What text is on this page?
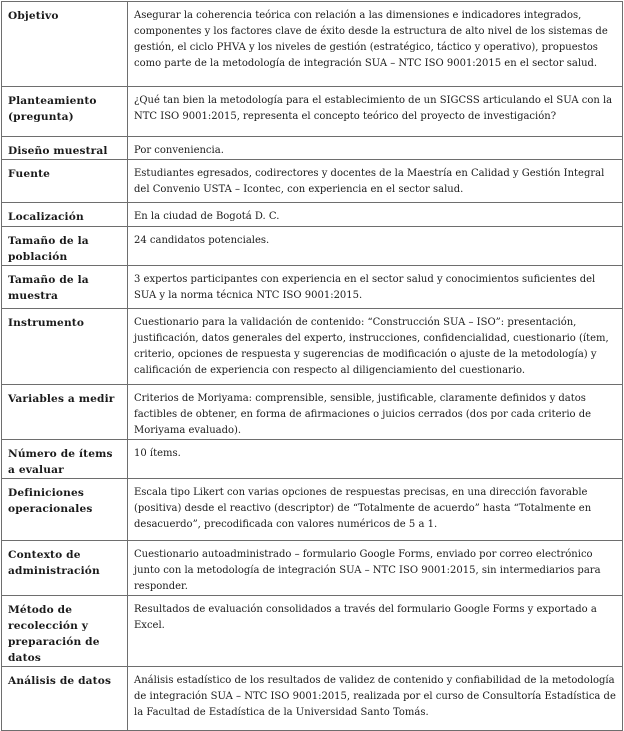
Objetivo	Asegurar la coherencia teórica con relación a las dimensiones e indicadores integrados, componentes y los factores clave de éxito desde la estructura de alto nivel de los sistemas de gestión, el ciclo PHVA y los niveles de gestión (estratégico, táctico y operativo), propuestos como parte de la metodología de integración SUA – NTC ISO 9001:2015 en el sector salud.

Planteamiento (pregunta)	¿Qué tan bien la metodología para el establecimiento de un SIGCSS articulando el SUA con la NTC ISO 9001:2015, representa el concepto teórico del proyecto de investigación?

Diseño muestral	Por conveniencia.

Fuente	Estudiantes egresados, codirectores y docentes de la Maestría en Calidad y Gestión Integral del Convenio USTA – Icontec, con experiencia en el sector salud.

Localización	En la ciudad de Bogotá D. C.

Tamaño de la población	24 candidatos potenciales.

Tamaño de la muestra	3 expertos participantes con experiencia en el sector salud y conocimientos suficientes del SUA y la norma técnica NTC ISO 9001:2015.

Instrumento	Cuestionario para la validación de contenido: “Construcción SUA – ISO”: presentación, justificación, datos generales del experto, instrucciones, confidencialidad, cuestionario (ítem, criterio, opciones de respuesta y sugerencias de modificación o ajuste de la metodología) y calificación de experiencia con respecto al diligenciamiento del cuestionario.

Variables a medir	Criterios de Moriyama: comprensible, sensible, justificable, claramente definidos y datos factibles de obtener, en forma de afirmaciones o juicios cerrados (dos por cada criterio de Moriyama evaluado).

Número de ítems a evaluar	10 ítems.

Definiciones operacionales	Escala tipo Likert con varias opciones de respuestas precisas, en una dirección favorable (positiva) desde el reactivo (descriptor) de “Totalmente de acuerdo” hasta “Totalmente en desacuerdo”, precodificada con valores numéricos de 5 a 1.

Contexto de administración	Cuestionario autoadministrado – formulario Google Forms, enviado por correo electrónico junto con la metodología de integración SUA – NTC ISO 9001:2015, sin intermediarios para responder.

Método de recolección y preparación de datos	Resultados de evaluación consolidados a través del formulario Google Forms y exportado a Excel.

Análisis de datos	Análisis estadístico de los resultados de validez de contenido y confiabilidad de la metodología de integración SUA – NTC ISO 9001:2015, realizada por el curso de Consultoría Estadística de la Facultad de Estadística de la Universidad Santo Tomás.
